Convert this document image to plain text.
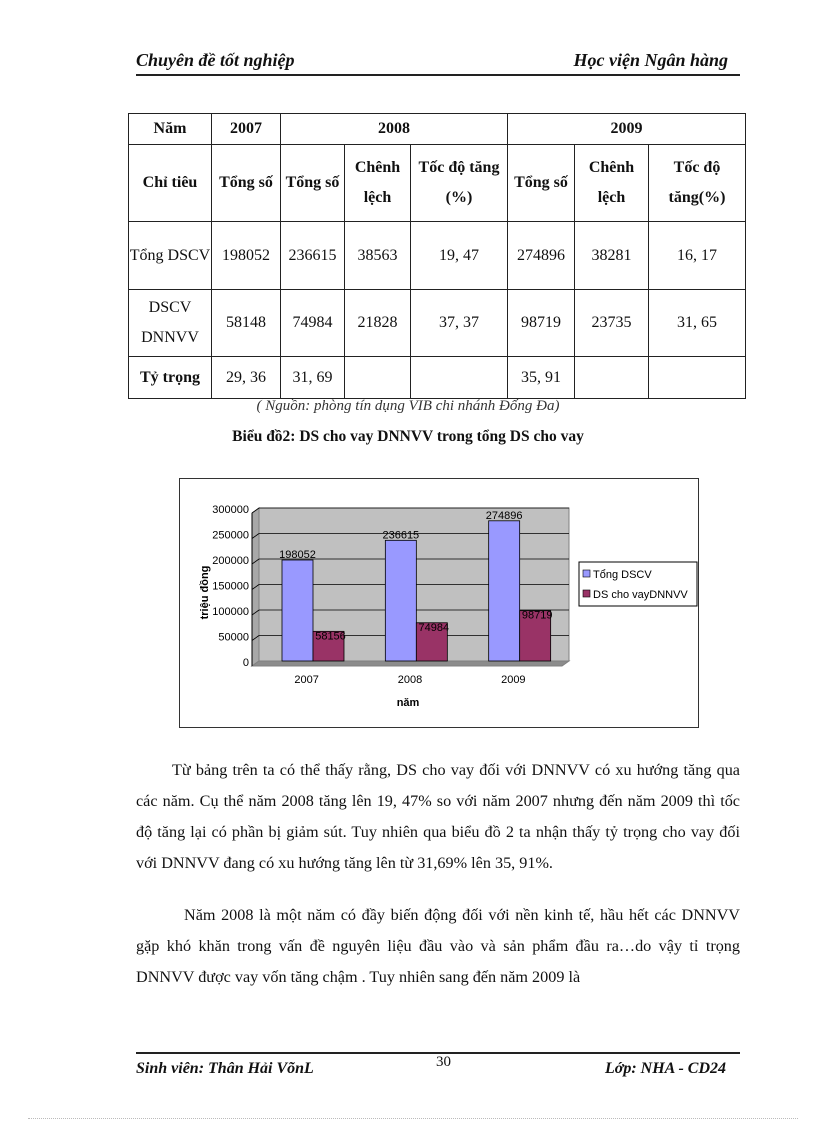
Chuyên đề tốt nghiệp	Học viện Ngân hàng
Năm	2007	2008			2009		
Chỉ tiêu	Tổng số	Tổng số	Chênh lệch	Tốc độ tăng (%)	Tổng số	Chênh lệch	Tốc độ tăng(%)
Tổng DSCV	198052	236615	38563	19, 47	274896	38281	16, 17
DSCV DNNVV	58148	74984	21828	37, 37	98719	23735	31, 65
Tỷ trọng	29, 36	31, 69			35, 91		
( Nguồn: phòng tín dụng VIB chi nhánh Đống Đa)
Biểu đồ2: DS cho vay DNNVV trong tổng DS cho vay
0
50000
100000
150000
200000
250000
300000
198052
58156
2007
236615
74984
2008
274896
98719
2009
năm
triệu đồng	Tổng DSCV
DS cho vayDNNVV

Từ bảng trên ta có thể thấy rằng, DS cho vay đối với DNNVV có xu hướng tăng qua các năm. Cụ thể năm 2008 tăng lên 19, 47% so với năm 2007 nhưng đến năm 2009 thì tốc độ tăng lại có phần bị giảm sút. Tuy nhiên qua biểu đồ 2 ta nhận thấy tỷ trọng cho vay đối với DNNVV đang có xu hướng tăng lên từ 31,69% lên 35, 91%.

Năm 2008 là một năm có đầy biến động đối với nền kinh tế, hầu hết các DNNVV gặp khó khăn trong vấn đề nguyên liệu đầu vào và sản phẩm đầu ra…do vậy tỉ trọng DNNVV được vay vốn tăng chậm . Tuy nhiên sang đến năm 2009 là

Sinh viên: Thân Hải VõnL	30	Lớp: NHA - CD24
